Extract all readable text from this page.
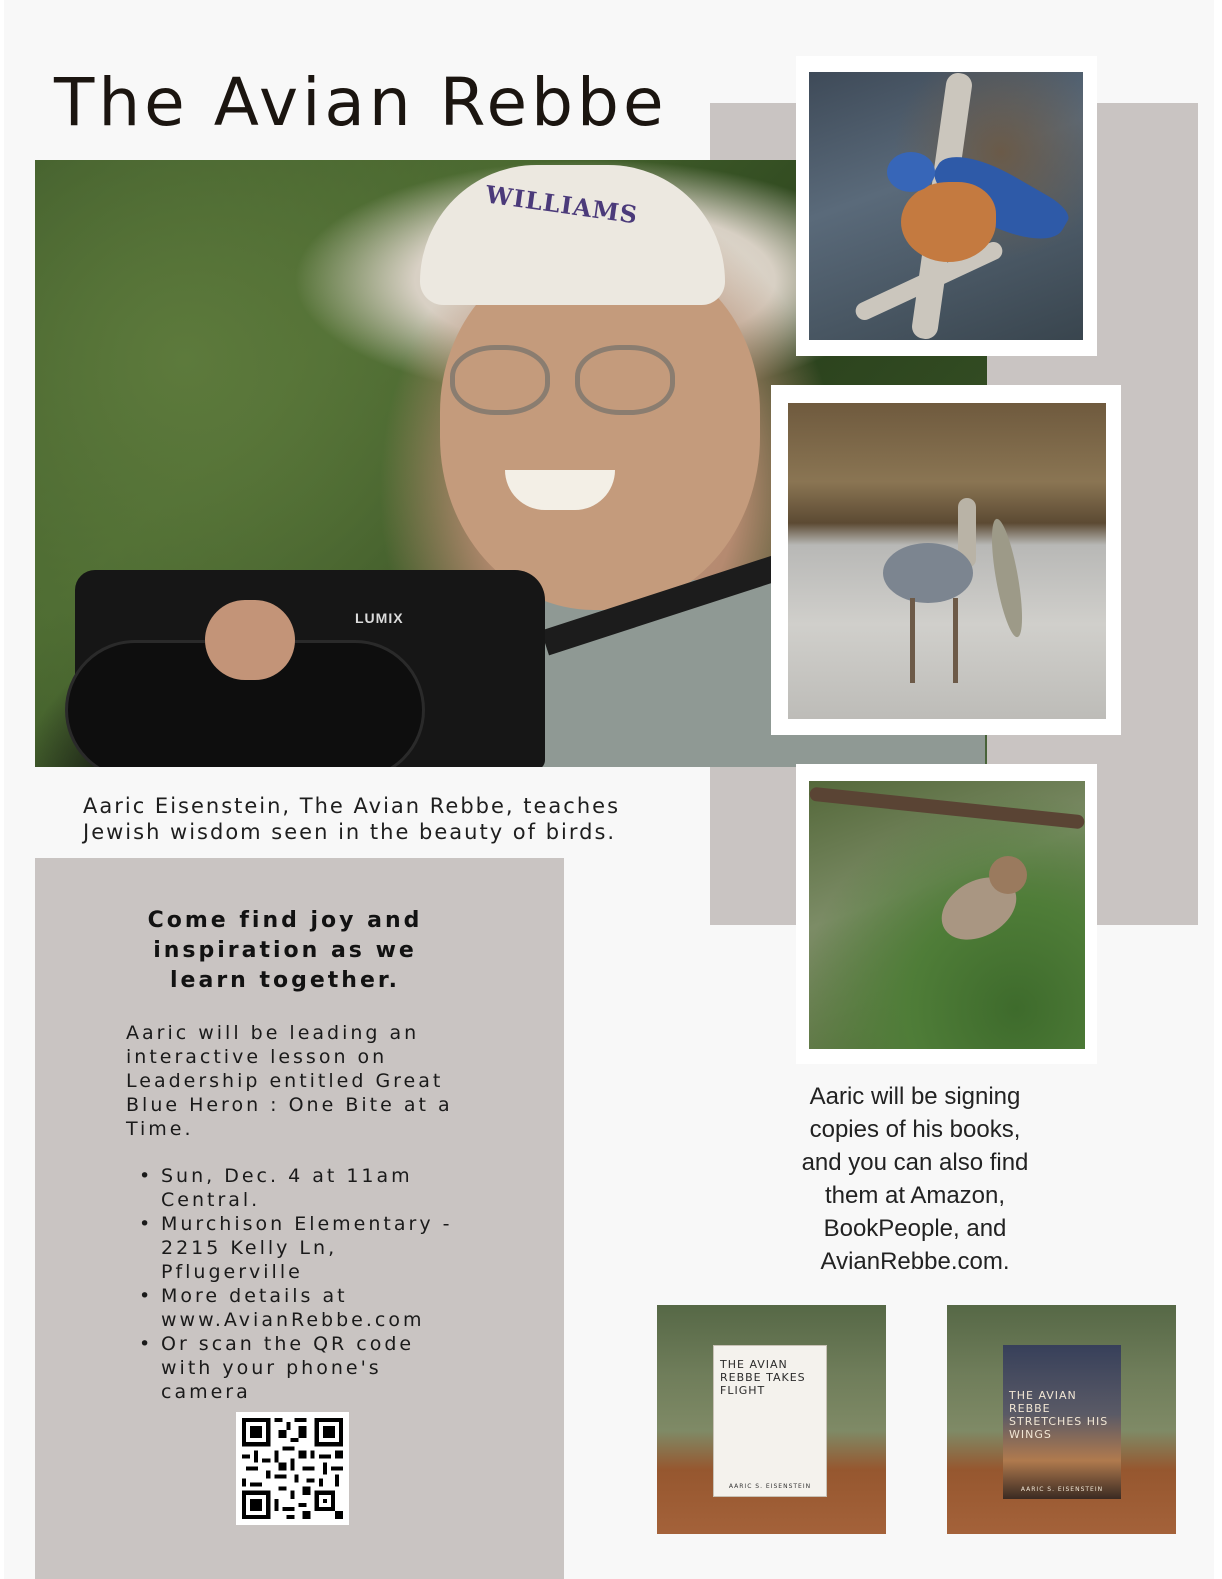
The Avian Rebbe
WILLIAMS
LUMIX

Aaric Eisenstein, The Avian Rebbe, teaches Jewish wisdom seen in the beauty of birds.

Come find joy and inspiration as we learn together.

Aaric will be leading an interactive lesson on Leadership entitled Great Blue Heron : One Bite at a Time.

• Sun, Dec. 4 at 11am Central.
• Murchison Elementary - 2215 Kelly Ln, Pflugerville
• More details at www.AvianRebbe.com
• Or scan the QR code with your phone's camera

Aaric will be signing copies of his books, and you can also find them at Amazon, BookPeople, and AvianRebbe.com.

THE AVIAN REBBE TAKES FLIGHT
AARIC S. EISENSTEIN
THE AVIAN REBBE STRETCHES HIS WINGS
AARIC S. EISENSTEIN
